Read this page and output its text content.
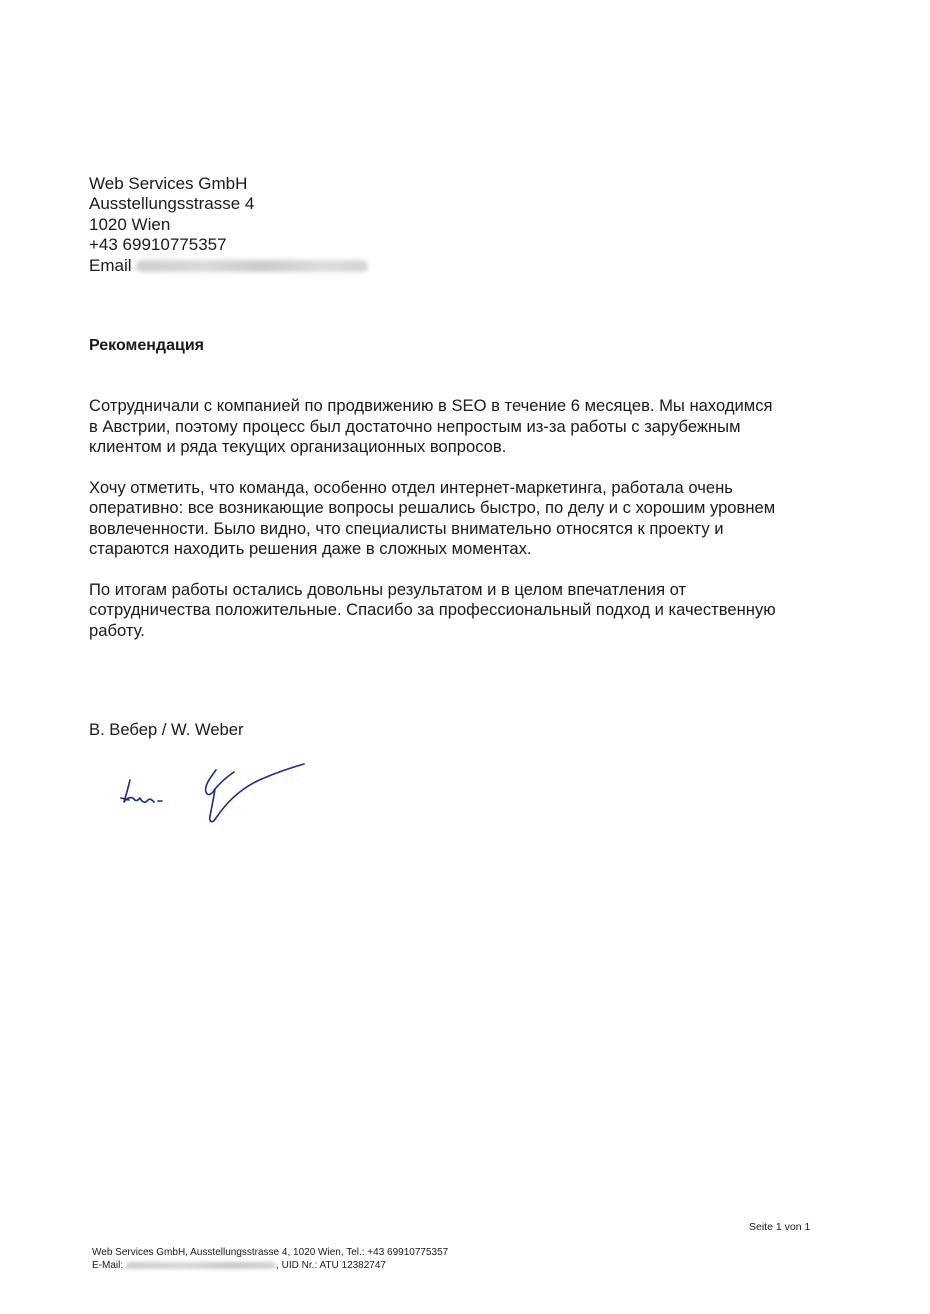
Web Services GmbH
Ausstellungsstrasse 4
1020 Wien
+43 69910775357
Email
Рекомендация

Сотрудничали с компанией по продвижению в SEO в течение 6 месяцев. Мы находимся в Австрии, поэтому процесс был достаточно непростым из-за работы с зарубежным клиентом и ряда текущих организационных вопросов.

Хочу отметить, что команда, особенно отдел интернет-маркетинга, работала очень оперативно: все возникающие вопросы решались быстро, по делу и с хорошим уровнем вовлеченности. Было видно, что специалисты внимательно относятся к проекту и стараются находить решения даже в сложных моментах.

По итогам работы остались довольны результатом и в целом впечатления от сотрудничества положительные. Спасибо за профессиональный подход и качественную работу.

В. Вебер / W. Weber
Seite 1 von 1
Web Services GmbH, Ausstellungsstrasse 4, 1020 Wien, Tel.: +43 69910775357
E-Mail:	, UID Nr.: ATU 12382747
